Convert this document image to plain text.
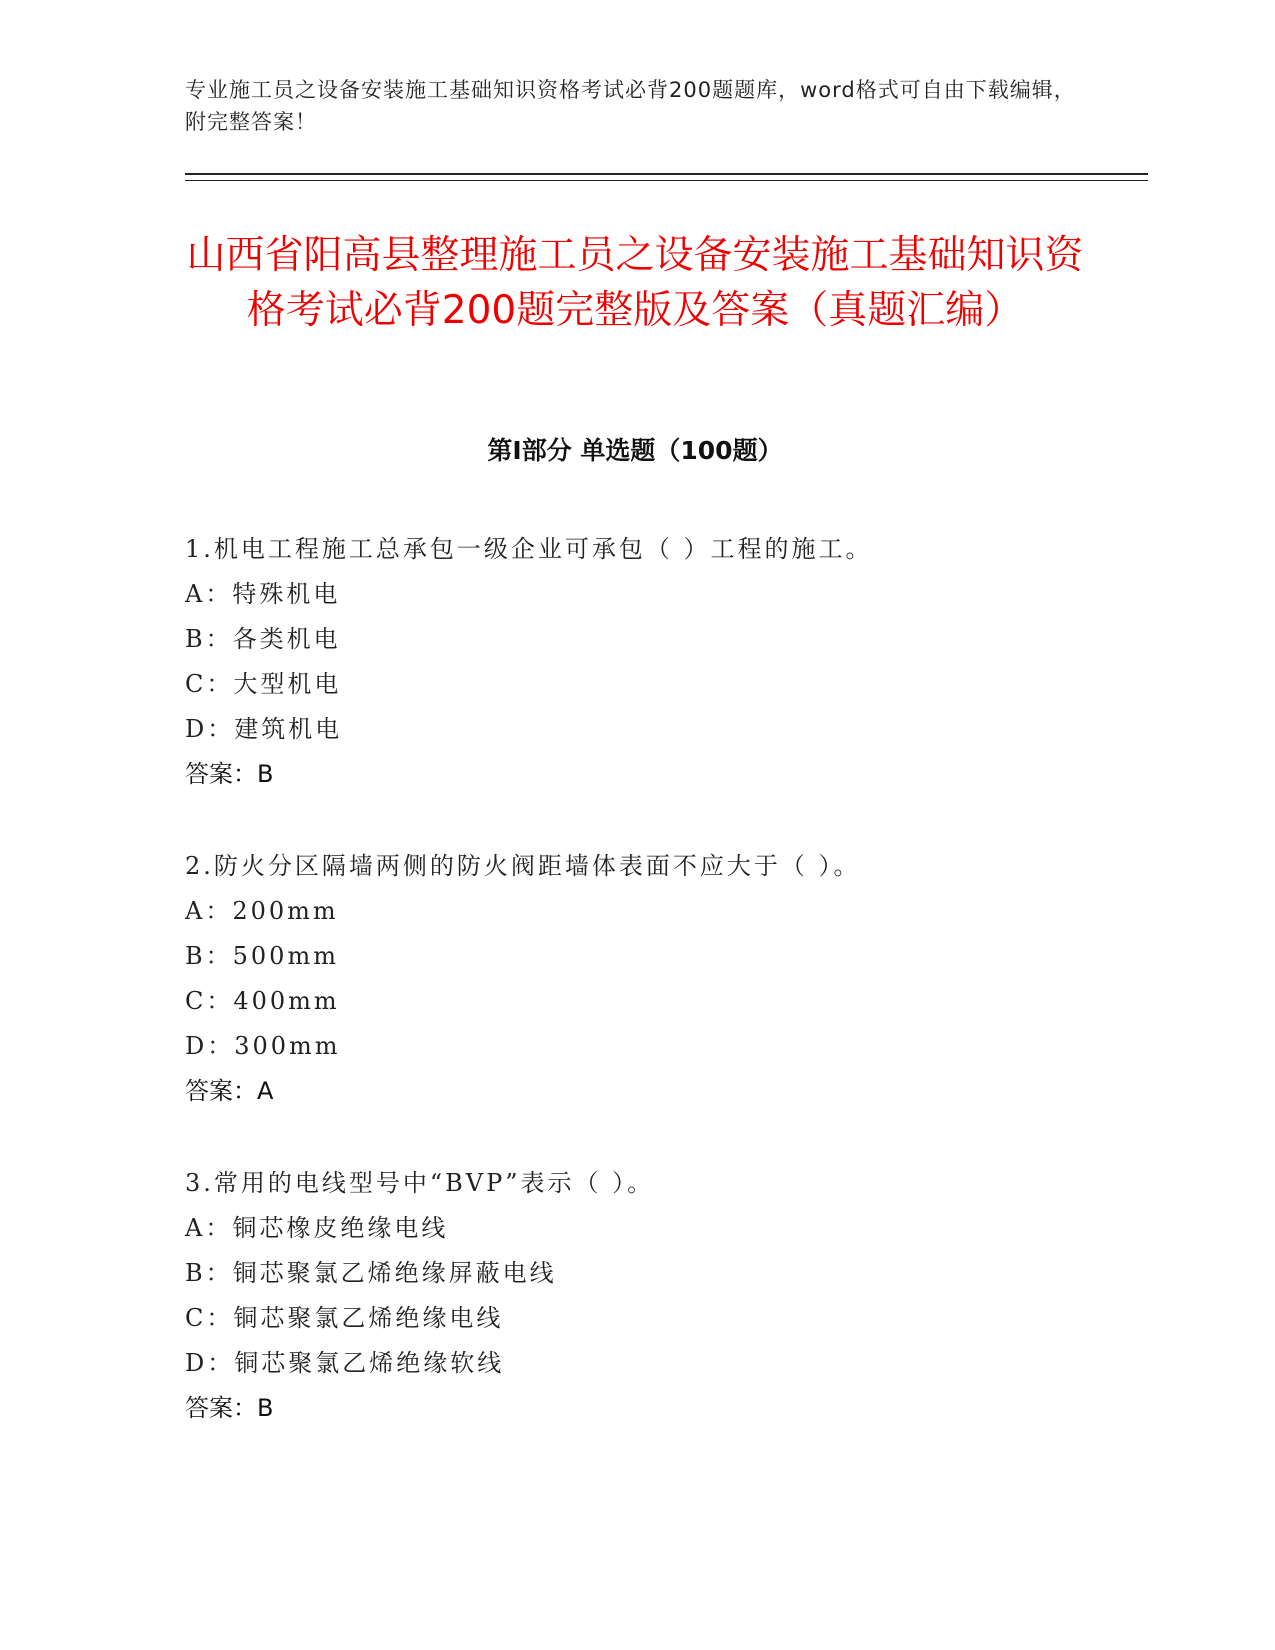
专业施工员之设备安装施工基础知识资格考试必背200题题库，word格式可自由下载编辑，附完整答案！
山西省阳高县整理施工员之设备安装施工基础知识资格考试必背200题完整版及答案（真题汇编）
第Ⅰ部分 单选题（100题）
1.机电工程施工总承包一级企业可承包（ ）工程的施工。
A：特殊机电
B：各类机电
C：大型机电
D：建筑机电
答案：B
2.防火分区隔墙两侧的防火阀距墙体表面不应大于（ ）。
A：200mm
B：500mm
C：400mm
D：300mm
答案：A
3.常用的电线型号中“BVP”表示（ ）。
A：铜芯橡皮绝缘电线
B：铜芯聚氯乙烯绝缘屏蔽电线
C：铜芯聚氯乙烯绝缘电线
D：铜芯聚氯乙烯绝缘软线
答案：B
